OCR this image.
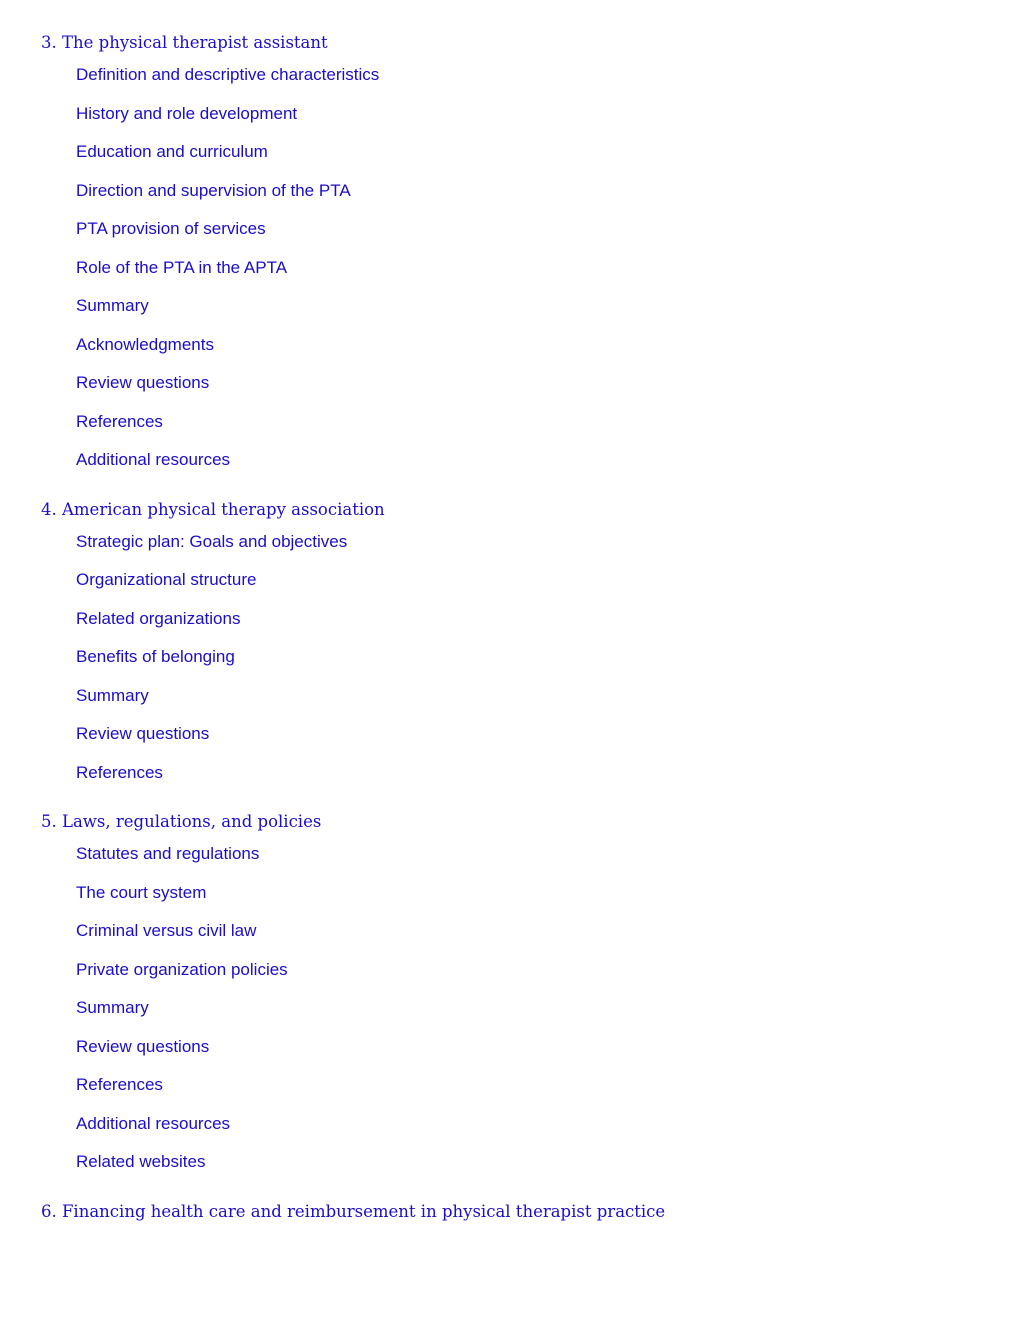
3. The physical therapist assistant
Definition and descriptive characteristics
History and role development
Education and curriculum
Direction and supervision of the PTA
PTA provision of services
Role of the PTA in the APTA
Summary
Acknowledgments
Review questions
References
Additional resources
4. American physical therapy association
Strategic plan: Goals and objectives
Organizational structure
Related organizations
Benefits of belonging
Summary
Review questions
References
5. Laws, regulations, and policies
Statutes and regulations
The court system
Criminal versus civil law
Private organization policies
Summary
Review questions
References
Additional resources
Related websites
6. Financing health care and reimbursement in physical therapist practice
